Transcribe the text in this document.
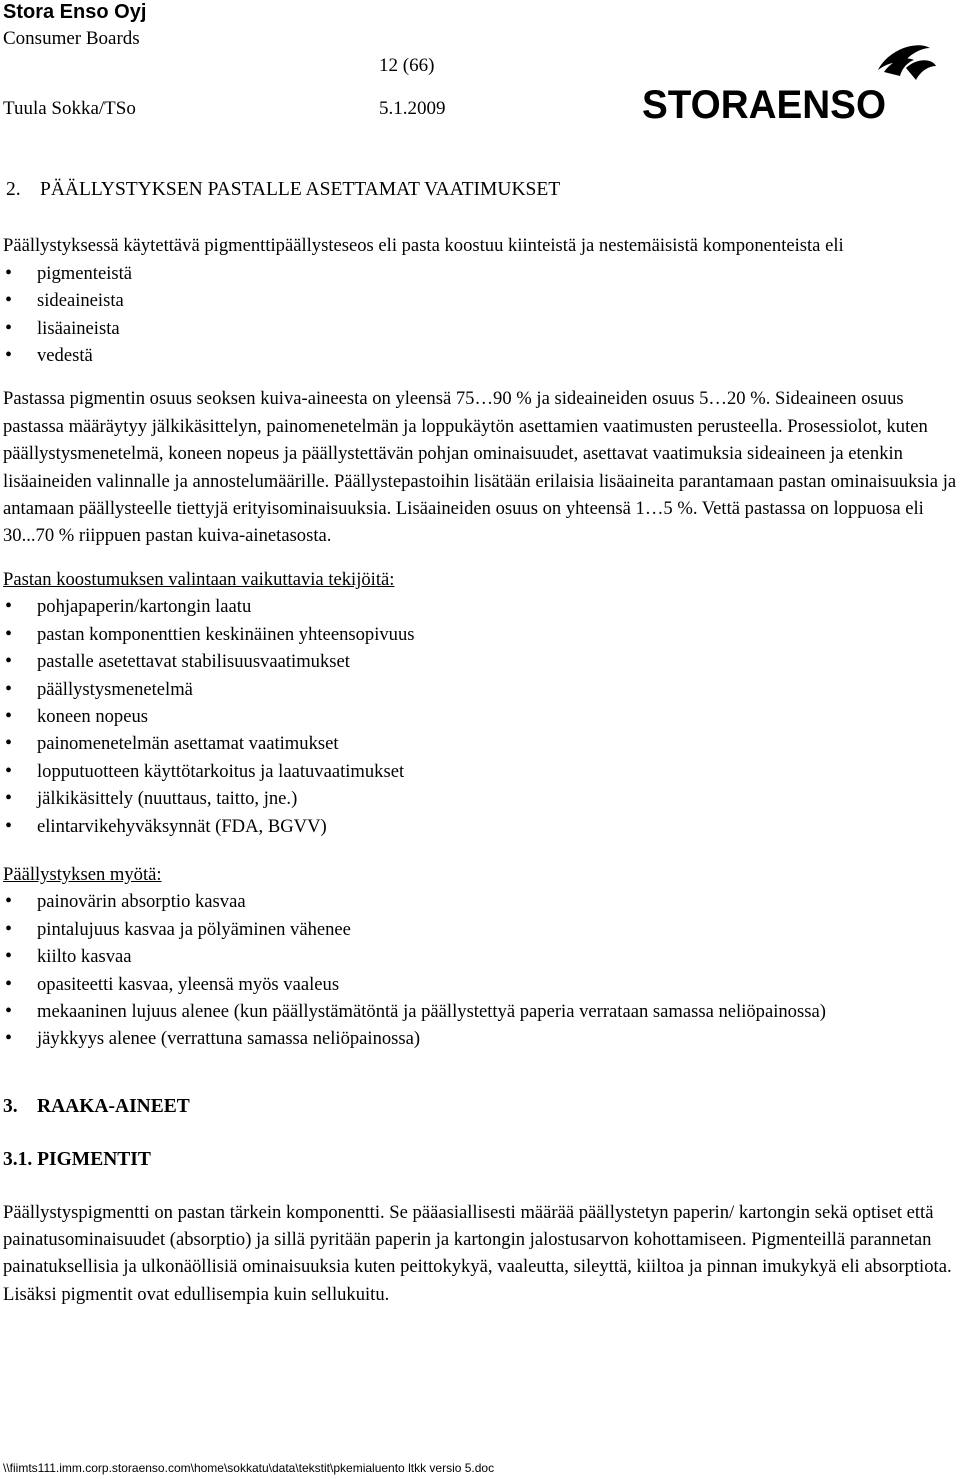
Stora Enso Oyj
Consumer Boards
12 (66)
Tuula Sokka/TSo	5.1.2009	STORAENSO
2. PÄÄLLYSTYKSEN PASTALLE ASETTAMAT VAATIMUKSET

Päällystyksessä käytettävä pigmenttipäällysteseos eli pasta koostuu kiinteistä ja nestemäisistä komponenteista eli

• pigmenteistä
• sideaineista
• lisäaineista
• vedestä

Pastassa pigmentin osuus seoksen kuiva-aineesta on yleensä 75…90 % ja sideaineiden osuus 5…20 %. Sideaineen osuus pastassa määräytyy jälkikäsittelyn, painomenetelmän ja loppukäytön asettamien vaatimusten perusteella. Prosessiolot, kuten päällystysmenetelmä, koneen nopeus ja päällystettävän pohjan ominaisuudet, asettavat vaatimuksia sideaineen ja etenkin lisäaineiden valinnalle ja annostelumäärille. Päällystepastoihin lisätään erilaisia lisäaineita parantamaan pastan ominaisuuksia ja antamaan päällysteelle tiettyjä erityisominaisuuksia. Lisäaineiden osuus on yhteensä 1…5 %. Vettä pastassa on loppuosa eli 30...70 % riippuen pastan kuiva-ainetasosta.

Pastan koostumuksen valintaan vaikuttavia tekijöitä:

• pohjapaperin/kartongin laatu
• pastan komponenttien keskinäinen yhteensopivuus
• pastalle asetettavat stabilisuusvaatimukset
• päällystysmenetelmä
• koneen nopeus
• painomenetelmän asettamat vaatimukset
• lopputuotteen käyttötarkoitus ja laatuvaatimukset
• jälkikäsittely (nuuttaus, taitto, jne.)
• elintarvikehyväksynnät (FDA, BGVV)

Päällystyksen myötä:

• painovärin absorptio kasvaa
• pintalujuus kasvaa ja pölyäminen vähenee
• kiilto kasvaa
• opasiteetti kasvaa, yleensä myös vaaleus
• mekaaninen lujuus alenee (kun päällystämätöntä ja päällystettyä paperia verrataan samassa neliöpainossa)
• jäykkyys alenee (verrattuna samassa neliöpainossa)
3. RAAKA-AINEET
3.1. PIGMENTIT

Päällystyspigmentti on pastan tärkein komponentti. Se pääasiallisesti määrää päällystetyn paperin/ kartongin sekä optiset että painatusominaisuudet (absorptio) ja sillä pyritään paperin ja kartongin jalostusarvon kohottamiseen. Pigmenteillä parannetan painatuksellisia ja ulkonäöllisiä ominaisuuksia kuten peittokykyä, vaaleutta, sileyttä, kiiltoa ja pinnan imukykyä eli absorptiota. Lisäksi pigmentit ovat edullisempia kuin sellukuitu.

\\fiimts111.imm.corp.storaenso.com\home\sokkatu\data\tekstit\pkemialuento ltkk versio 5.doc
